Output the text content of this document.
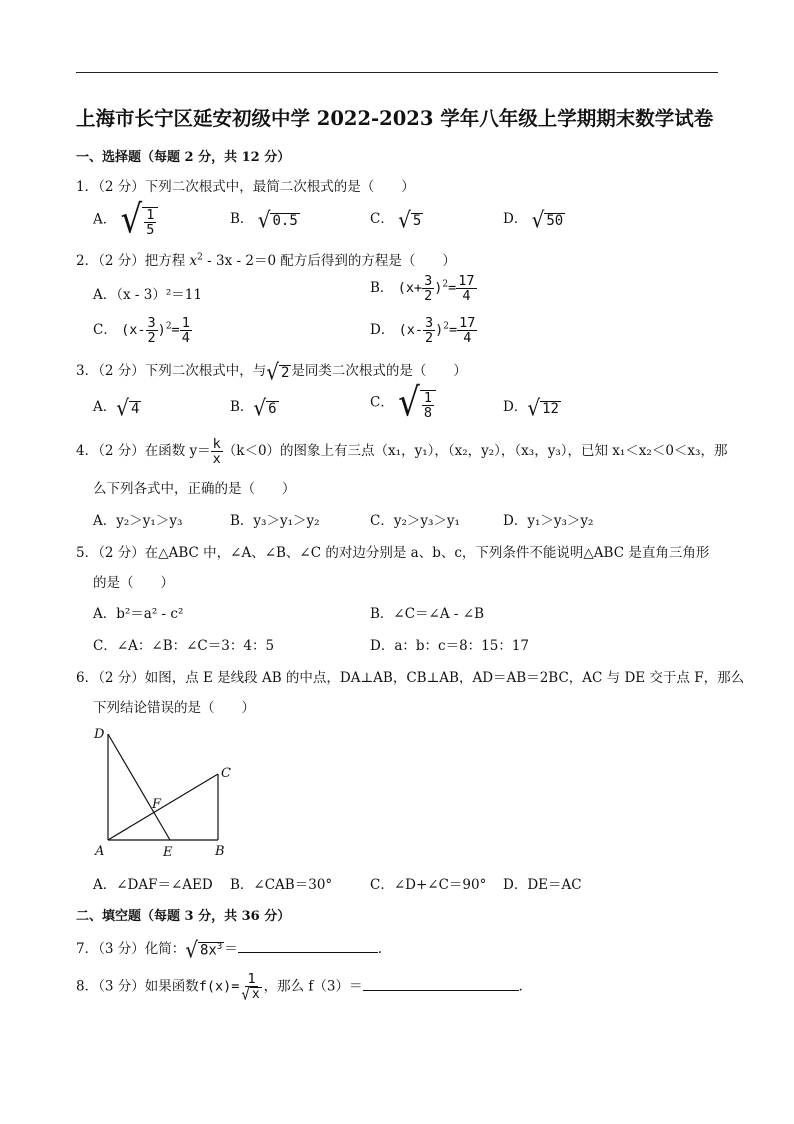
上海市长宁区延安初级中学 2022-2023 学年八年级上学期期末数学试卷
一、选择题（每题 2 分，共 12 分）
1．（2 分）下列二次根式中，最简二次根式的是（　　）
A． √ $\frac{1}{5}$	B． √ 0.5	C． √ 5	D． √ 50
2．（2 分）把方程 $x^2 - 3x - 2=0$ 配方后得到的方程是（　　）
A．（x - 3）²＝11	B． $(x+ \frac{3}{2} )^2= \frac{17}{4}$
C． $(x- \frac{3}{2} )^2= \frac{1}{4}$	D． $(x- \frac{3}{2} )^2= \frac{17}{4}$
3．（2 分）下列二次根式中，与 √ 2 是同类二次根式的是（　　）
A． √ 4	B． √ 6	C． √ $\frac{1}{8}$	D． √ 12
4．（2 分）在函数 $y= \frac{k}{x} (k<0)$的图象上有三点（x₁，y₁），（x₂，y₂），（x₃，y₃），已知 x₁＜x₂＜0＜x₃，那
么下列各式中，正确的是（　　）
A．y₂＞y₁＞y₃	B．y₃＞y₁＞y₂	C．y₂＞y₃＞y₁	D．y₁＞y₃＞y₂
5．（2 分）在△ABC 中，∠A、∠B、∠C 的对边分别是 a、b、c，下列条件不能说明△ABC 是直角三角形
的是（　　）
A．b²＝a² - c²	B．∠C＝∠A - ∠B
C．∠A：∠B：∠C＝3：4：5	D．a：b：c＝8：15：17
6．（2 分）如图，点 E 是线段 AB 的中点，DA⊥AB，CB⊥AB，AD＝AB＝2BC，AC 与 DE 交于点 F，那么
下列结论错误的是（　　）
D
C
F
A	E	B
A．∠DAF＝∠AED B．∠CAB＝30°	C．∠D+∠C＝90° D．DE＝AC
二、填空题（每题 3 分，共 36 分）
7．（3 分）化简： √ $8x^3$ ＝	.
8．（3 分）如果函数$f(x)= \frac{1}{√ x}$ ，那么 f（3）＝	.
